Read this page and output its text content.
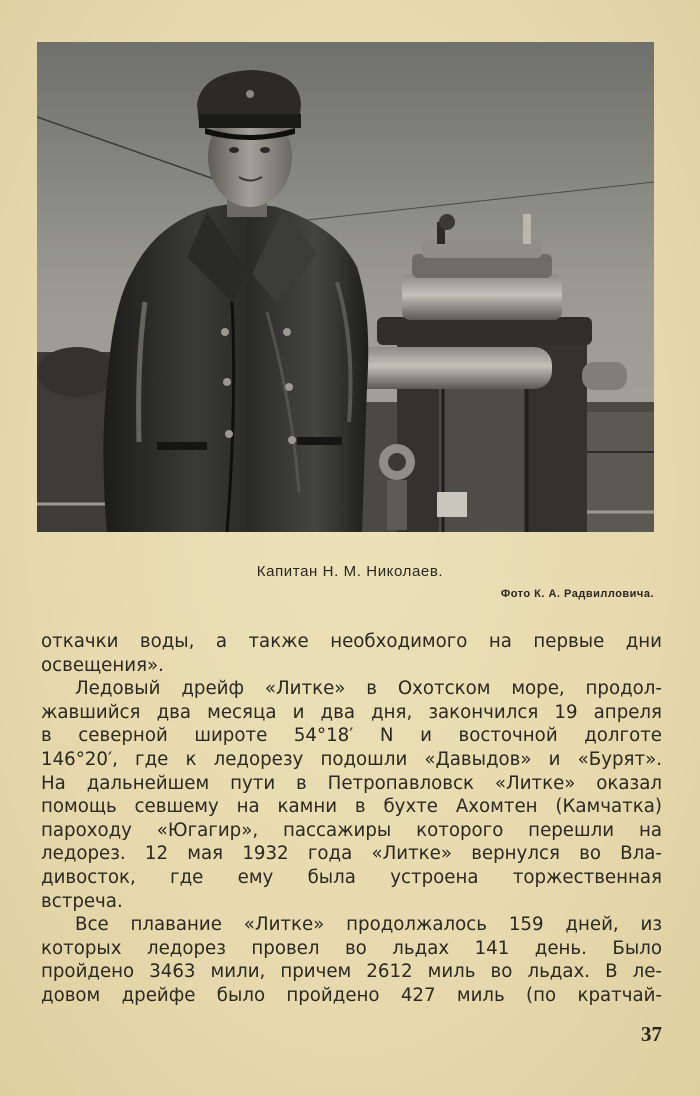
Капитан Н. М. Николаев.
Фото К. А. Радвилловича.
откачки воды, а также необходимого на первые дни
освещения».
Ледовый дрейф «Литке» в Охотском море, продол-
жавшийся два месяца и два дня, закончился 19 апреля
в северной широте 54°18′ N и восточной долготе
146°20′, где к ледорезу подошли «Давыдов» и «Бурят».
На дальнейшем пути в Петропавловск «Литке» оказал
помощь севшему на камни в бухте Ахомтен (Камчатка)
пароходу «Югагир», пассажиры которого перешли на
ледорез. 12 мая 1932 года «Литке» вернулся во Вла-
дивосток, где ему была устроена торжественная
встреча.
Все плавание «Литке» продолжалось 159 дней, из
которых ледорез провел во льдах 141 день. Было
пройдено 3463 мили, причем 2612 миль во льдах. В ле-
довом дрейфе было пройдено 427 миль (по кратчай-
37
